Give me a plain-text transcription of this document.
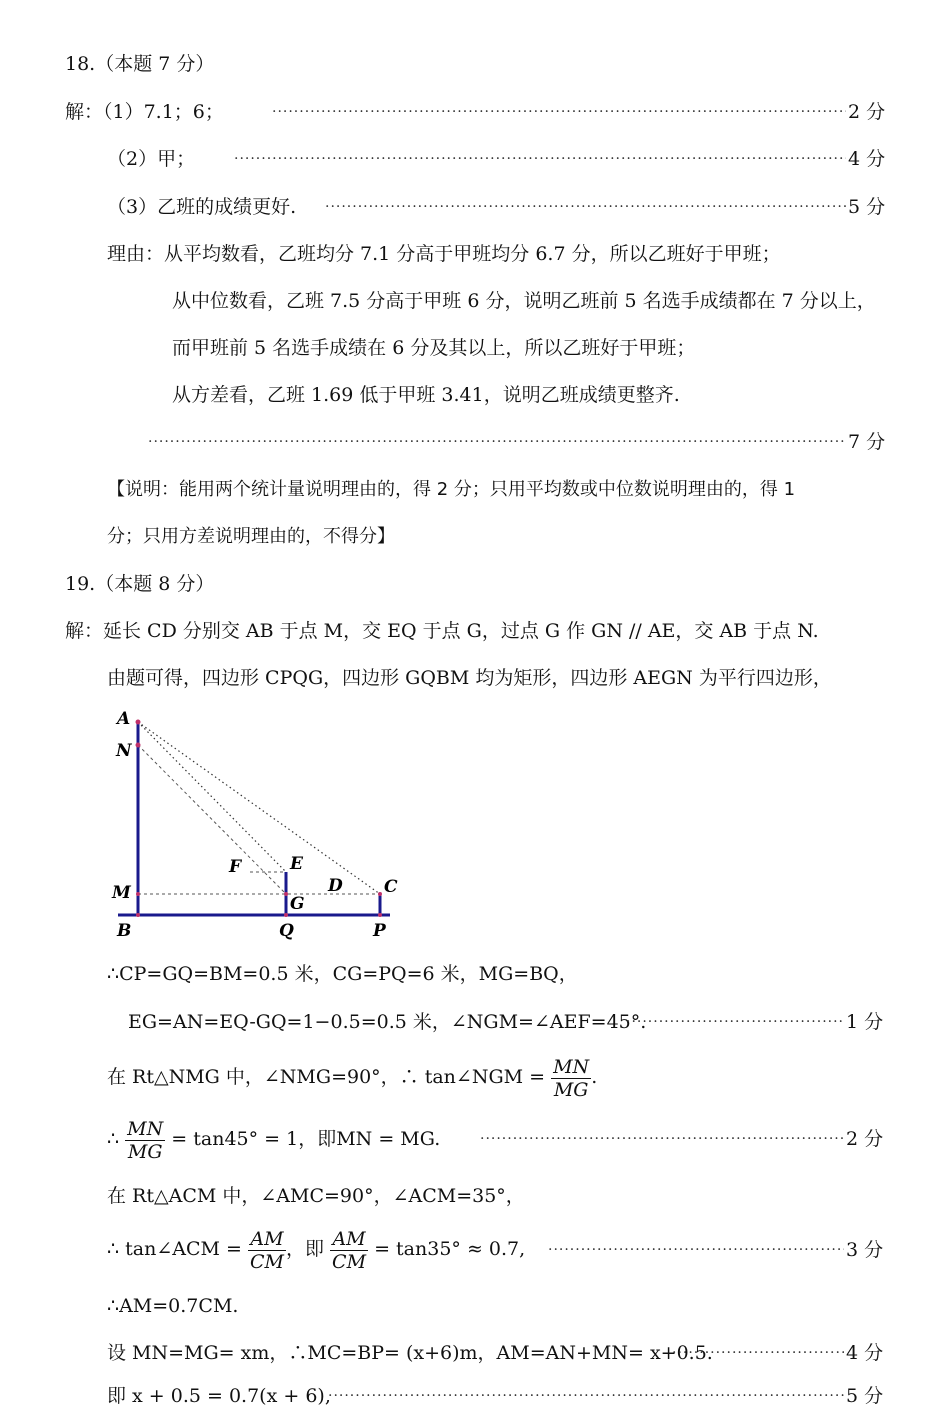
18.（本题 7 分）
解：（1）7.1；6； .....	2 分
（2）甲； .....	4 分
（3）乙班的成绩更好. .....	5 分
理由：从平均数看，乙班均分 7.1 分高于甲班均分 6.7 分，所以乙班好于甲班；
从中位数看，乙班 7.5 分高于甲班 6 分，说明乙班前 5 名选手成绩都在 7 分以上，
而甲班前 5 名选手成绩在 6 分及其以上，所以乙班好于甲班；
从方差看，乙班 1.69 低于甲班 3.41，说明乙班成绩更整齐.
.....
7 分
【说明：能用两个统计量说明理由的，得 2 分；只用平均数或中位数说明理由的，得 1
分；只用方差说明理由的，不得分】
19.（本题 8 分）
解：延长 CD 分别交 AB 于点 M，交 EQ 于点 G，过点 G 作 GN // AE，交 AB 于点 N.
由题可得，四边形 CPQG，四边形 GQBM 均为矩形，四边形 AEGN 为平行四边形，
A
N
F	E
D C
M
G
B	Q	P
∴CP=GQ=BM=0.5 米，CG=PQ=6 米，MG=BQ，
EG=AN=EQ-GQ=1−0.5=0.5 米，∠NGM=∠AEF=45°. .....	1 分
在 Rt△NMG 中，∠NMG=90°，∴ tan∠NGM = $\frac{MN}{MG}$ .
∴ $\frac{MN}{MG} = \tan 45^\circ = 1$，即MN = MG. .....	2 分
在 Rt△ACM 中，∠AMC=90°，∠ACM=35°，
∴ tan∠ACM = $\frac{AM}{CM}$ ，即 $\frac{AM}{CM} = \tan 35^\circ \approx 0.7$, .....	3 分
∴AM=0.7CM.
设 MN=MG= xm，∴MC=BP= (x+6)m，AM=AN+MN= x+0.5. .....	4 分
即 x + 0.5 = 0.7(x + 6), .....	5 分
